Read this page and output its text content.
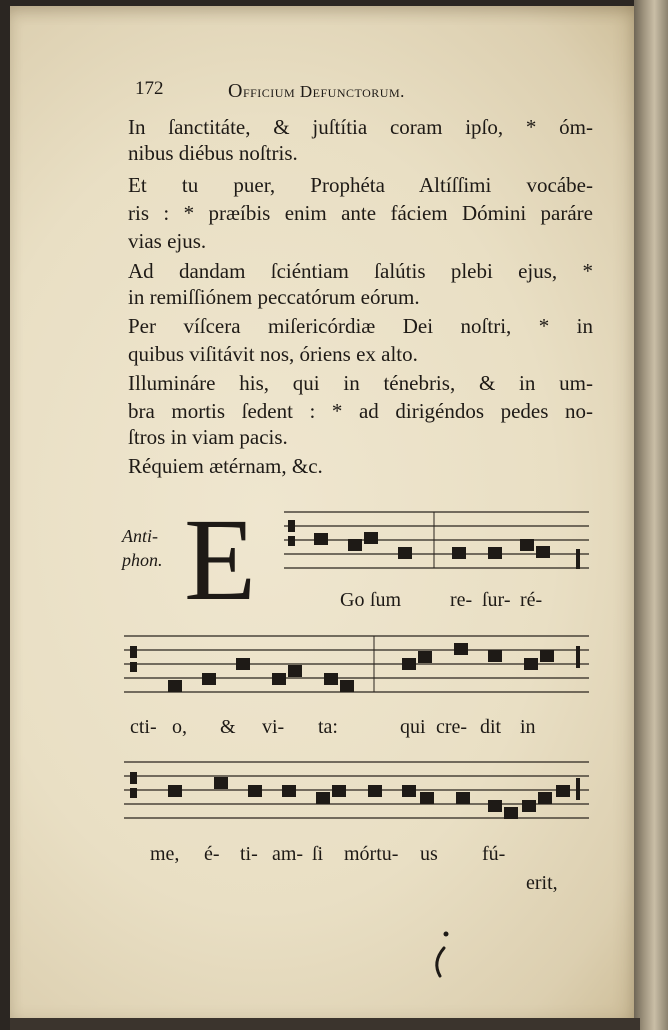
172	Officium Defunctorum.
In ſanctitáte, & juſtítia coram ipſo, * óm-
nibus diébus noſtris.
Et tu puer, Prophéta Altíſſimi vocábe-
ris : * præíbis enim ante fáciem Dómini paráre
vias ejus.
Ad dandam ſciéntiam ſalútis plebi ejus, *
in remiſſiónem peccatórum eórum.
Per víſcera miſericórdiæ Dei noſtri, * in
quibus viſitávit nos, óriens ex alto.
Illumináre his, qui in ténebris, & in um-
bra mortis ſedent : * ad dirigéndos pedes no-
ſtros in viam pacis.
Réquiem ætérnam, &c.
Anti-
phon. E	Go ſum re- ſur- ré-
cti- o, & vi- ta:	qui cre- dit in
me, é- ti- am- ſi mórtu- us fú-
erit,
